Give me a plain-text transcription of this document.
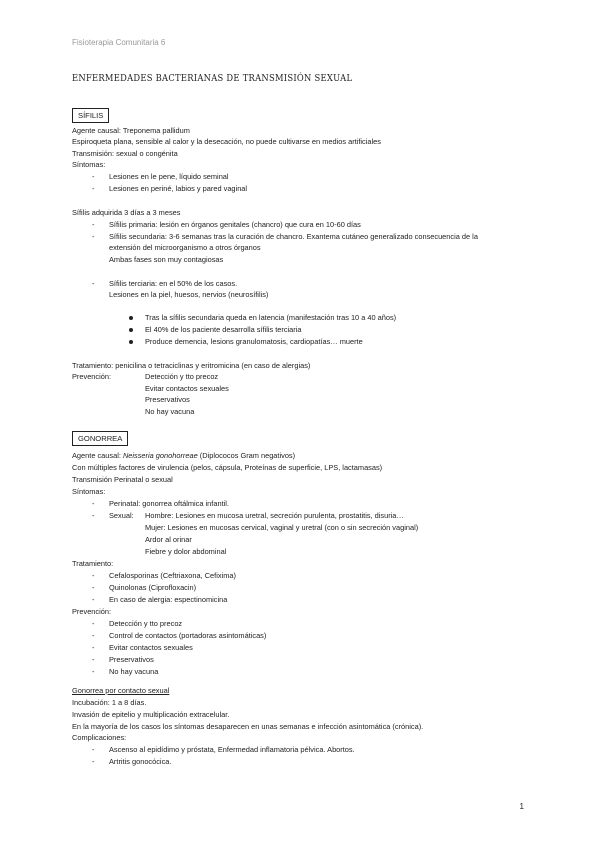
Fisioterapia Comunitaria 6
ENFERMEDADES BACTERIANAS DE TRANSMISIÓN SEXUAL
SÍFILIS
Agente causal: Treponema pallidum
Espiroqueta plana, sensible al calor y la desecación, no puede cultivarse en medios artificiales
Transmisión: sexual o congénita
Síntomas:
- Lesiones en le pene, líquido seminal
- Lesiones en periné, labios y pared vaginal
Sífilis adquirida 3 días a 3 meses
- Sífilis primaria: lesión en órganos genitales (chancro) que cura en 10-60 días
- Sífilis secundaria: 3-6 semanas tras la curación de chancro. Exantema cutáneo generalizado consecuencia de la
extensión del microorganismo a otros órganos
Ambas fases son muy contagiosas
- Sífilis terciaria: en el 50% de los casos.
Lesiones en la piel, huesos, nervios (neurosífilis)
Tras la sífilis secundaria queda en latencia (manifestación tras 10 a 40 años)
El 40% de los paciente desarrolla sífilis terciaria
Produce demencia, lesions granulomatosis, cardiopatías… muerte
Tratamiento: penicilina o tetraciclinas y eritromicina (en caso de alergias)
Prevención:	Detección y tto precoz
Evitar contactos sexuales
Preservativos
No hay vacuna
GONORREA
Agente causal: Neisseria gonohorreae (Diplococos Gram negativos)
Con múltiples factores de virulencia (pelos, cápsula, Proteínas de superficie, LPS, lactamasas)
Transmisión Perinatal o sexual
Síntomas:
- Perinatal: gonorrea oftálmica infantil.
- Sexual: Hombre: Lesiones en mucosa uretral, secreción purulenta, prostatitis, disuria…
Mujer: Lesiones en mucosas cervical, vaginal y uretral (con o sin secreción vaginal)
Ardor al orinar
Fiebre y dolor abdominal
Tratamiento:
- Cefalosporinas (Ceftriaxona, Cefixima)
- Quinolonas (Ciprofloxacin)
- En caso de alergia: espectinomicina
Prevención:
- Detección y tto precoz
- Control de contactos (portadoras asintomáticas)
- Evitar contactos sexuales
- Preservativos
- No hay vacuna
Gonorrea por contacto sexual
Incubación: 1 a 8 días.
Invasión de epitelio y multiplicación extracelular.
En la mayoría de los casos los síntomas desaparecen en unas semanas e infección asintomática (crónica).
Complicaciones:
- Ascenso al epidídimo y próstata, Enfermedad inflamatoria pélvica. Abortos.
- Artritis gonocócica.
1
